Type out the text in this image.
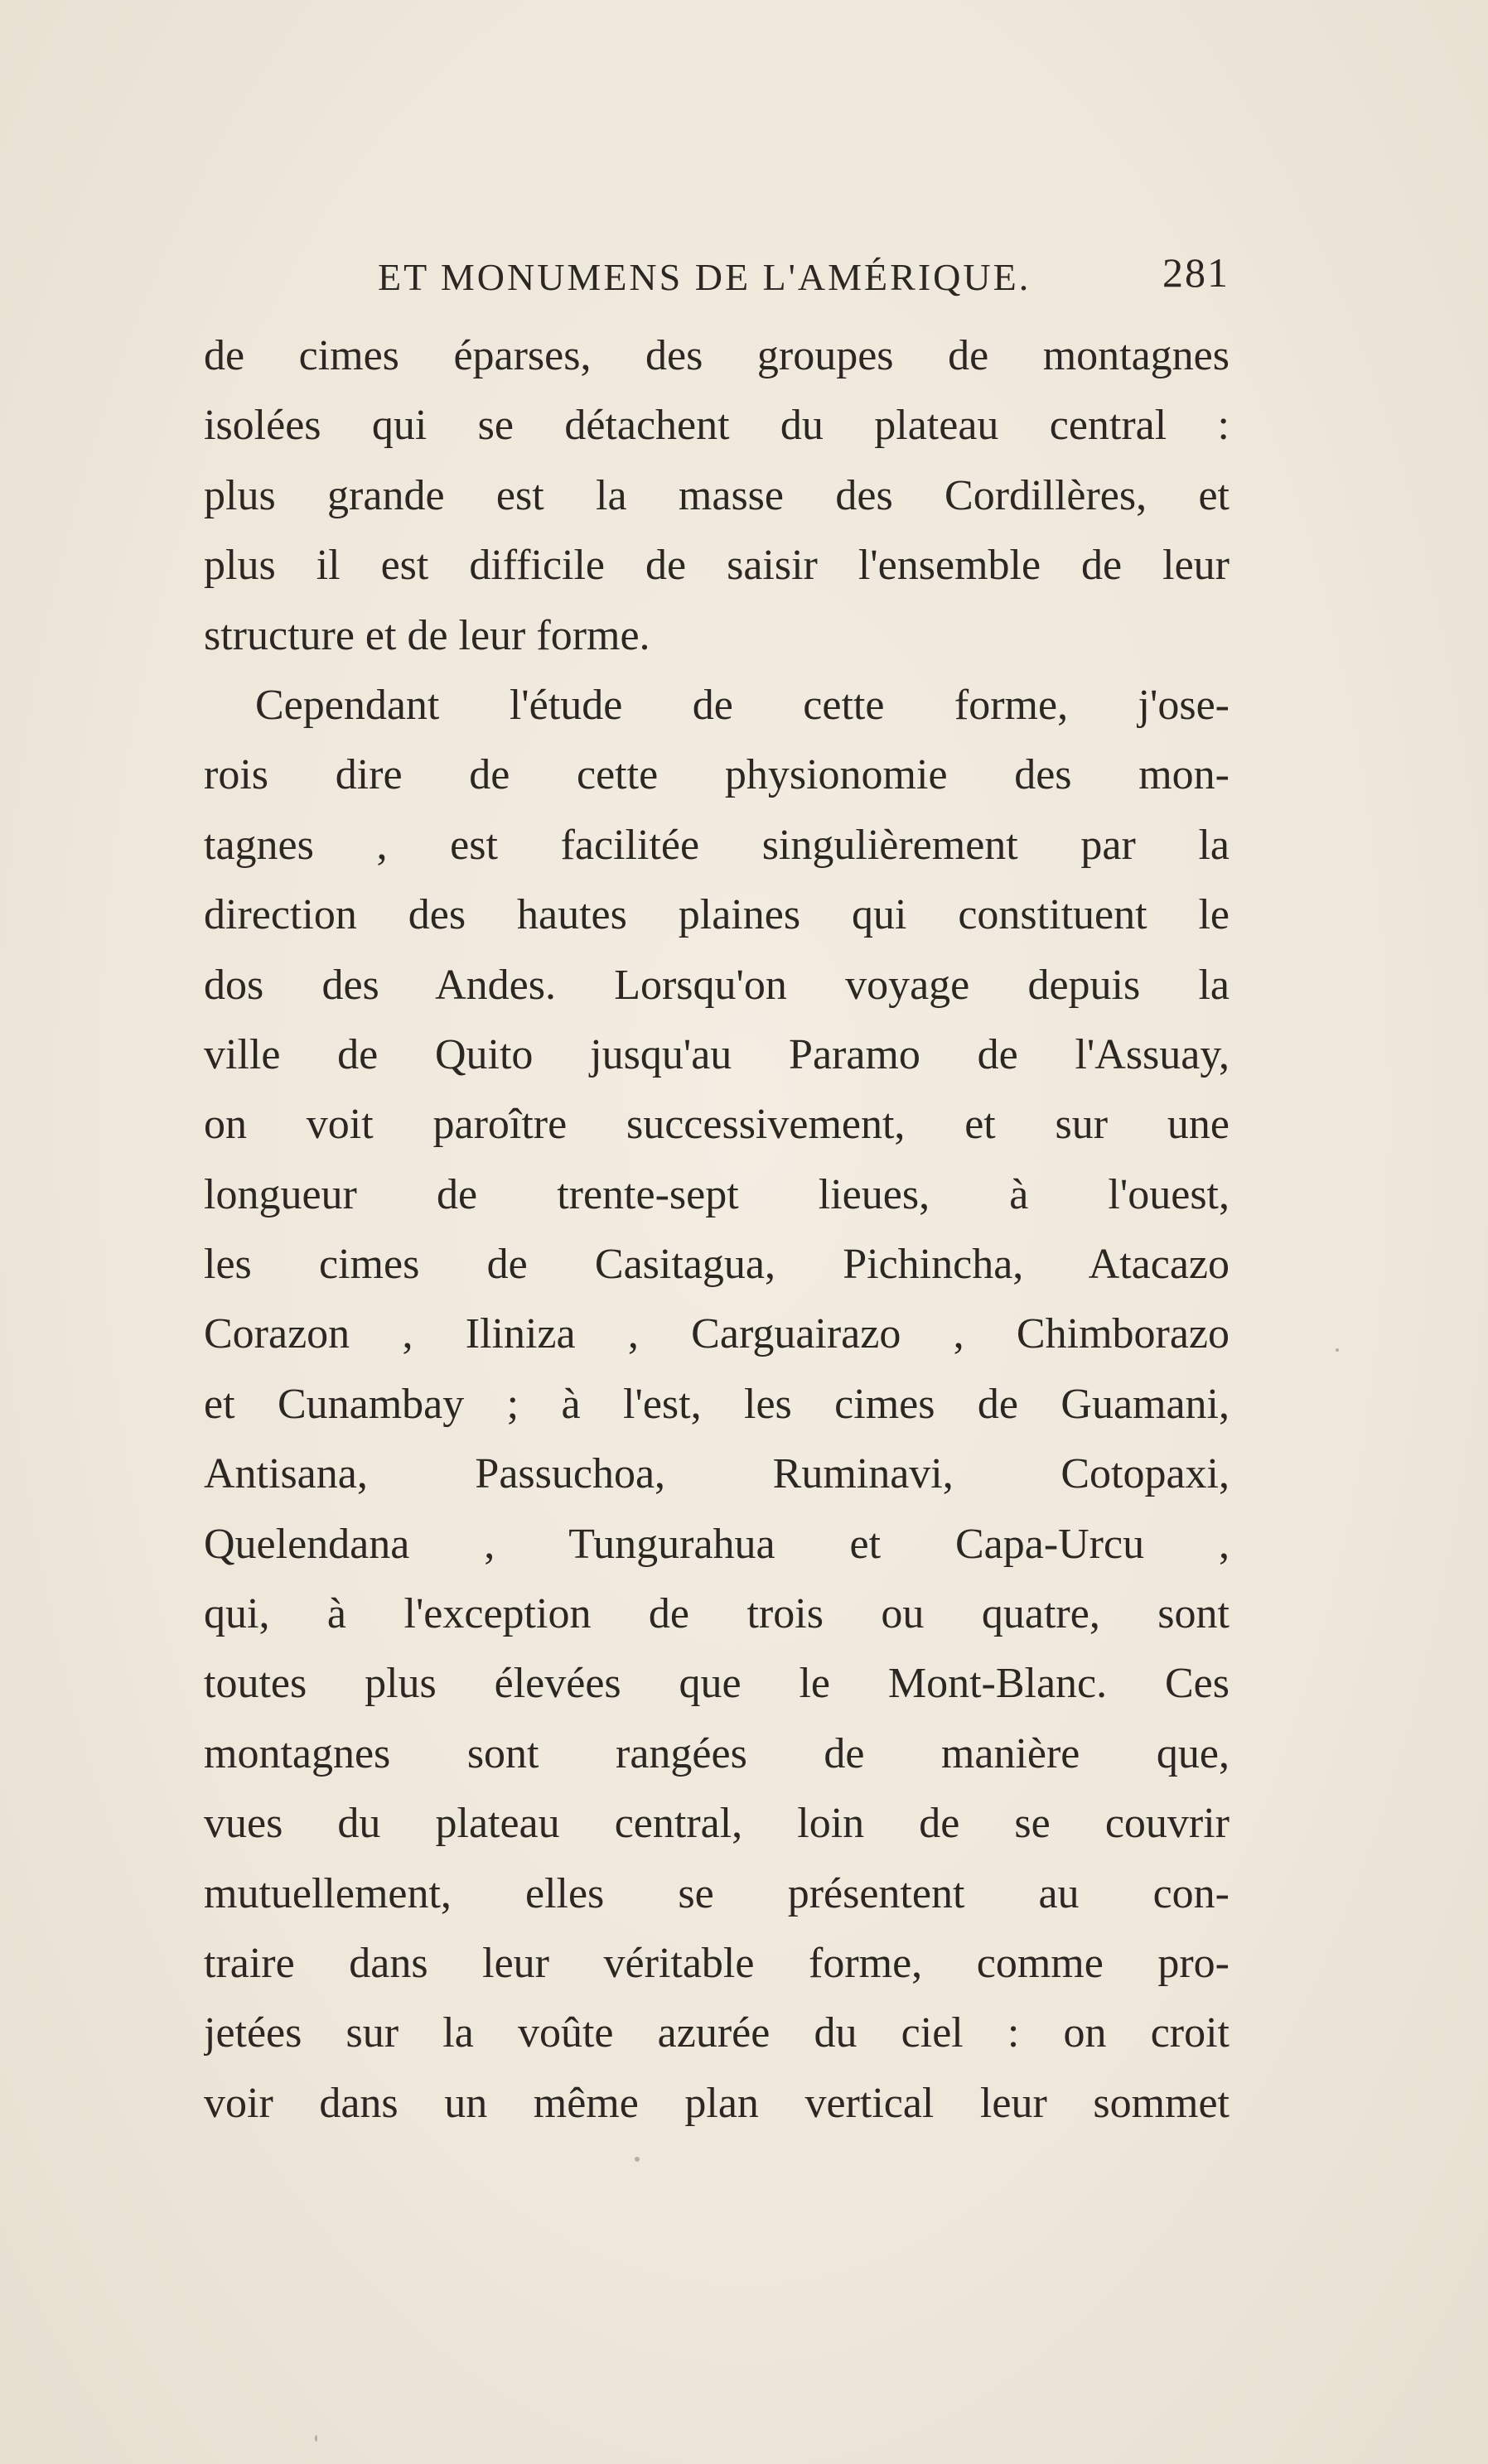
ET MONUMENS DE L'AMÉRIQUE.	281
de cimes éparses, des groupes de montagnes
isolées qui se détachent du plateau central :
plus grande est la masse des Cordillères, et
plus il est difficile de saisir l'ensemble de leur
structure et de leur forme.
Cependant l'étude de cette forme, j'ose-
rois dire de cette physionomie des mon-
tagnes , est facilitée singulièrement par la
direction des hautes plaines qui constituent le
dos des Andes. Lorsqu'on voyage depuis la
ville de Quito jusqu'au Paramo de l'Assuay,
on voit paroître successivement, et sur une
longueur de trente-sept lieues, à l'ouest,
les cimes de Casitagua, Pichincha, Atacazo
Corazon , Iliniza , Carguairazo , Chimborazo
et Cunambay ; à l'est, les cimes de Guamani,
Antisana, Passuchoa, Ruminavi, Cotopaxi,
Quelendana , Tungurahua et Capa-Urcu ,
qui, à l'exception de trois ou quatre, sont
toutes plus élevées que le Mont-Blanc. Ces
montagnes sont rangées de manière que,
vues du plateau central, loin de se couvrir
mutuellement, elles se présentent au con-
traire dans leur véritable forme, comme pro-
jetées sur la voûte azurée du ciel : on croit
voir dans un même plan vertical leur sommet
